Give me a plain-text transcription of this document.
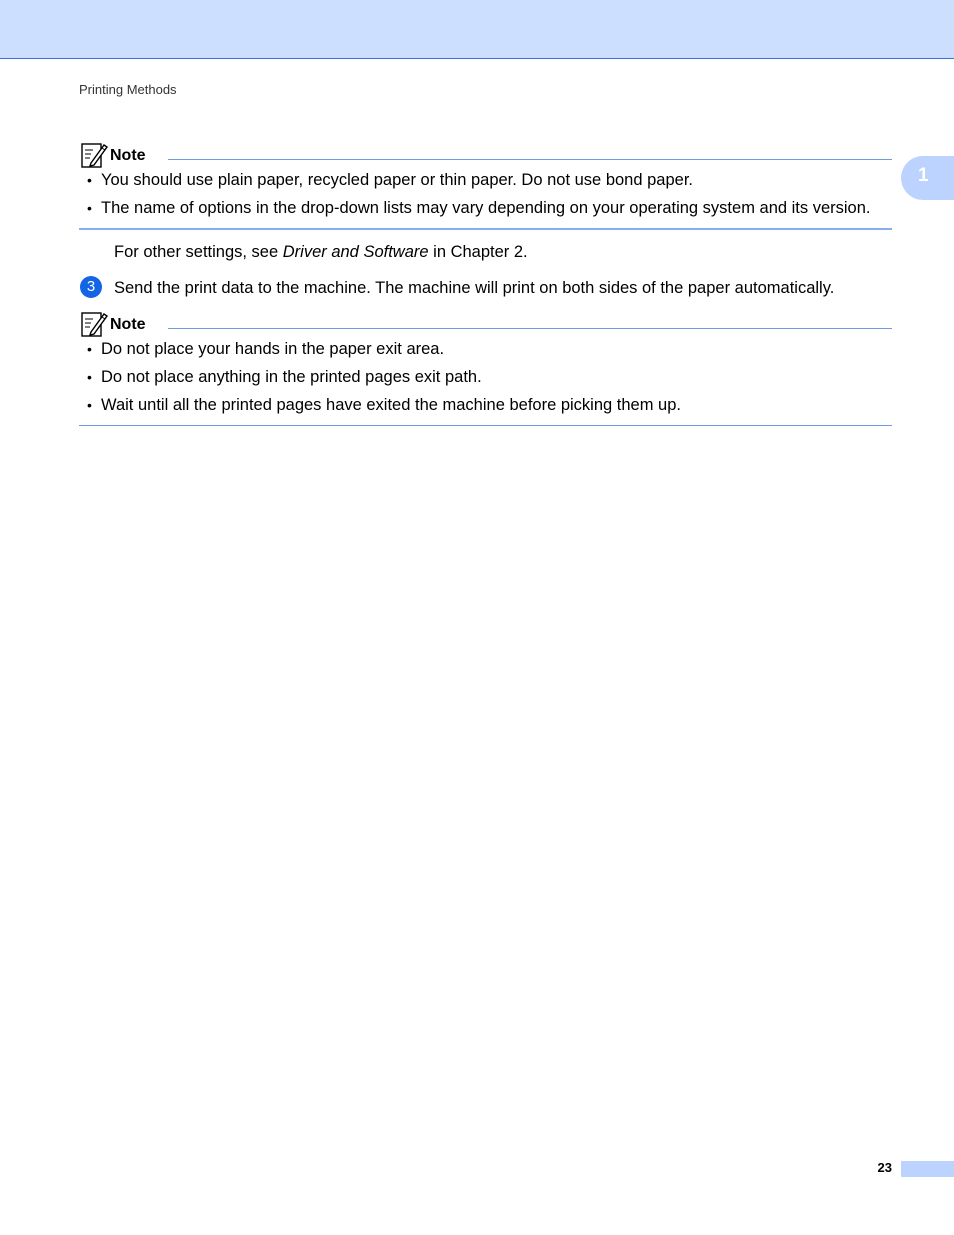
Printing Methods
1
Note
• You should use plain paper, recycled paper or thin paper. Do not use bond paper.
• The name of options in the drop-down lists may vary depending on your operating system and its version.
For other settings, see Driver and Software in Chapter 2.
3	Send the print data to the machine. The machine will print on both sides of the paper automatically.
Note
• Do not place your hands in the paper exit area.
• Do not place anything in the printed pages exit path.
• Wait until all the printed pages have exited the machine before picking them up.
23
